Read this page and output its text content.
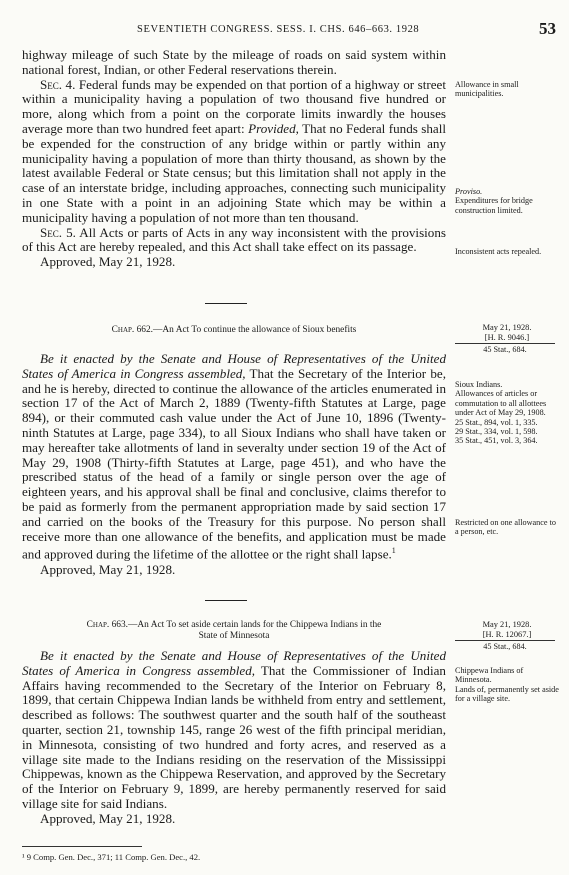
SEVENTIETH CONGRESS. SESS. I. CHS. 646–663. 1928	53

highway mileage of such State by the mileage of roads on said system within national forest, Indian, or other Federal reservations therein.

Sec. 4. Federal funds may be expended on that portion of a highway or street within a municipality having a population of two thousand five hundred or more, along which from a point on the corporate limits inwardly the houses average more than two hundred feet apart: Provided, That no Federal funds shall be expended for the construction of any bridge within or partly within any municipality having a population of more than thirty thousand, as shown by the latest available Federal or State census; but this limitation shall not apply in the case of an interstate bridge, including approaches, connecting such municipality in one State with a point in an adjoining State which may be within a municipality having a population of not more than ten thousand.

Sec. 5. All Acts or parts of Acts in any way inconsistent with the provisions of this Act are hereby repealed, and this Act shall take effect on its passage.

Approved, May 21, 1928.

Allowance in small municipalities.
Proviso.
Expenditures for bridge construction limited.
Inconsistent acts repealed.
Chap. 662.—An Act To continue the allowance of Sioux benefits	May 21, 1928.
[H. R. 9046.]
45 Stat., 684.

Be it enacted by the Senate and House of Representatives of the United States of America in Congress assembled, That the Secretary of the Interior be, and he is hereby, directed to continue the allowance of the articles enumerated in section 17 of the Act of March 2, 1889 (Twenty-fifth Statutes at Large, page 894), or their commuted cash value under the Act of June 10, 1896 (Twenty-ninth Statutes at Large, page 334), to all Sioux Indians who shall have taken or may hereafter take allotments of land in severalty under section 19 of the Act of May 29, 1908 (Thirty-fifth Statutes at Large, page 451), and who have the prescribed status of the head of a family or single person over the age of eighteen years, and his approval shall be final and conclusive, claims therefor to be paid as formerly from the permanent appropriation made by said section 17 and carried on the books of the Treasury for this purpose. No person shall receive more than one allowance of the benefits, and application must be made and approved during the lifetime of the allottee or the right shall lapse.$^1$

Approved, May 21, 1928.

Sioux Indians.
Allowances of articles or commutation to all allottees under Act of May 29, 1908.
25 Stat., 894, vol. 1, 335.
29 Stat., 334, vol. 1, 598.
35 Stat., 451, vol. 3, 364.
Restricted on one allowance to a person, etc.
Chap. 663.—An Act To set aside certain lands for the Chippewa Indians in the
State of Minnesota
May 21, 1928.
[H. R. 12067.]
45 Stat., 684.

Be it enacted by the Senate and House of Representatives of the United States of America in Congress assembled, That the Commissioner of Indian Affairs having recommended to the Secretary of the Interior on February 8, 1899, that certain Chippewa Indian lands be withheld from entry and settlement, described as follows: The southwest quarter and the south half of the southeast quarter, section 21, township 145, range 26 west of the fifth principal meridian, in Minnesota, consisting of two hundred and forty acres, and reserved as a village site made to the Indians residing on the reservation of the Mississippi Chippewas, known as the Chippewa Reservation, and approved by the Secretary of the Interior on February 9, 1899, are hereby permanently reserved for said village site for said Indians.

Approved, May 21, 1928.

Chippewa Indians of Minnesota.
Lands of, permanently set aside for a village site.
¹ 9 Comp. Gen. Dec., 371; 11 Comp. Gen. Dec., 42.
